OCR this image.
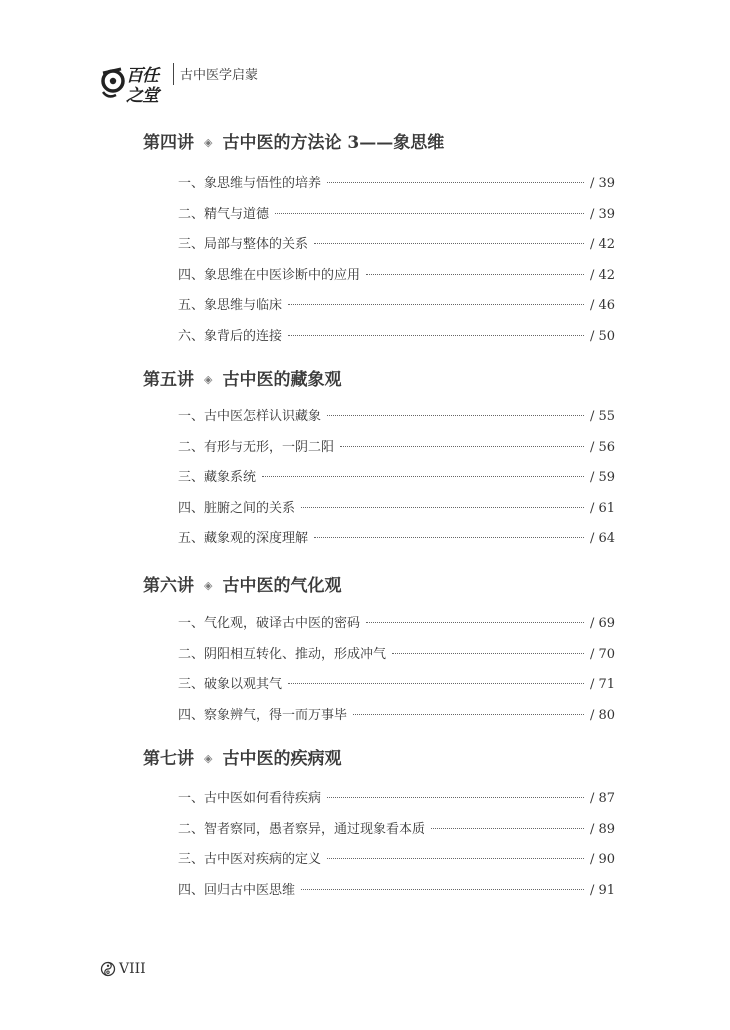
百任之堂
古中医学启蒙
第四讲 ◈ 古中医的方法论 3——象思维
一、象思维与悟性的培养	/ 39
二、精气与道德	/ 39
三、局部与整体的关系	/ 42
四、象思维在中医诊断中的应用	/ 42
五、象思维与临床	/ 46
六、象背后的连接	/ 50
第五讲 ◈ 古中医的藏象观
一、古中医怎样认识藏象	/ 55
二、有形与无形，一阴二阳	/ 56
三、藏象系统	/ 59
四、脏腑之间的关系	/ 61
五、藏象观的深度理解	/ 64
第六讲 ◈ 古中医的气化观
一、气化观，破译古中医的密码	/ 69
二、阴阳相互转化、推动，形成冲气	/ 70
三、破象以观其气	/ 71
四、察象辨气，得一而万事毕	/ 80
第七讲 ◈ 古中医的疾病观
一、古中医如何看待疾病	/ 87
二、智者察同，愚者察异，通过现象看本质	/ 89
三、古中医对疾病的定义	/ 90
四、回归古中医思维	/ 91
VIII
